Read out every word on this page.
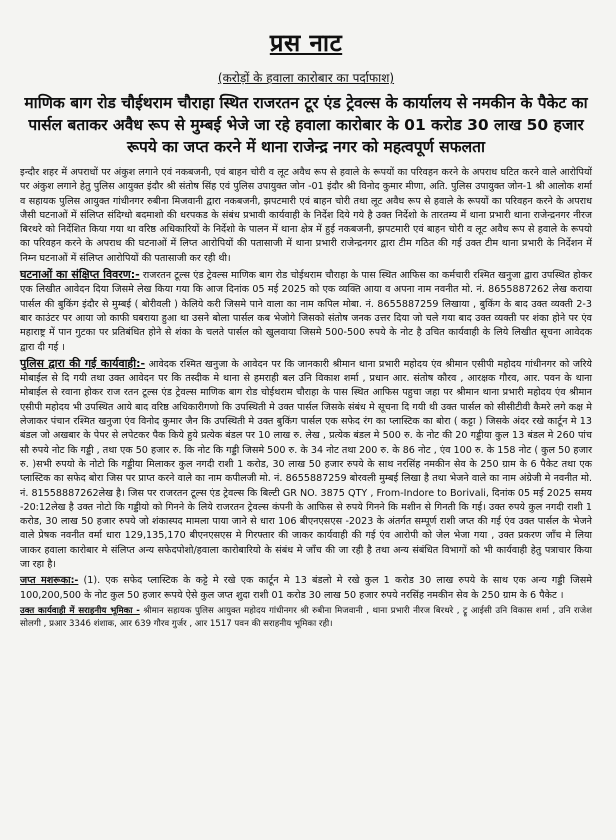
प्रस नाट
(करोड़ों के हवाला कारोबार का पर्दाफाश)
माणिक बाग रोड चौईथराम चौराहा स्थित राजरतन टूर एंड ट्रेवल्स के कार्यालय से नमकीन के पैकेट का पार्सल बताकर अवैध रूप से मुम्बई भेजे जा रहे हवाला कारोबार के 01 करोड 30 लाख 50 हजार रूपये का जप्त करने में थाना राजेन्द्र नगर को महत्वपूर्ण सफलता

इन्दौर शहर में अपराधों पर अंकुश लगाने एवं नकबजनी, एवं बाहन चोरी व लूट अवैध रूप से हवाले के रूपयों का परिवहन करने के अपराध घटित करने वाले आरोपियों पर अंकुश लगाने हेतु पुलिस आयुक्त इंदौर श्री संतोष सिंह एवं पुलिस उपायुक्त जोन -01 इंदौर श्री विनोद कुमार मीणा, अति. पुलिस उपायुक्त जोन-1 श्री आलोक शर्मा व सहायक पुलिस आयुक्त गांधीनगर रुबीना मिजवानी द्वारा नकबजनी, झपटमारी एवं बाहन चोरी तथा लूट अवैध रूप से हवाले के रूपयों का परिवहन करने के अपराध जैसी घटनाओं में संलिप्त संदिग्धो बदमाशो की धरपकड के संबंध प्रभावी कार्यवाही के निर्देश दिये गये है उक्त निर्देशो के तारतम्य में थाना प्रभारी थाना राजेन्द्रनगर नीरज बिरथरे को निर्देशित किया गया था वरिष्ठ अधिकारियों के निर्देशो के पालन में थाना क्षेत्र में हुई नकबजनी, झपटमारी एवं बाहन चोरी व लूट अवैध रूप से हवाले के रूपयो का परिवहन करने के अपराध की घटनाओं में लिप्त आरोपियों की पतासाजी में थाना प्रभारी राजेन्द्रनगर द्वारा टीम गठित की गई उक्त टीम थाना प्रभारी के निर्देशन में निम्न घटनाओं में संलिप्त आरोपियों की पतासाजी कर रही थी।

घटनाओं का संक्षिप्त विवरण:- राजरतन टूल्स एंड ट्रेवल्स माणिक बाग रोड चोईथराम चौराहा के पास स्थित आफिस का कर्मचारी रश्मित खनुजा द्वारा उपस्थित होकर एक लिखीत आवेदन दिया जिसमे लेख किया गया कि आज दिनांक 05 मई 2025 को एक व्यक्ति आया व अपना नाम नवनीत मो. नं. 8655887262 लेख कराया पार्सल की बुकिंग इंदौर से मुम्बई ( बोरीवली ) केलिये करी जिसमे पाने वाला का नाम कपिल मोबा. नं. 8655887259 लिखाया , बुकिंग के बाद उक्त व्यक्ती 2-3 बार काउंटर पर आया जो काफी घबराया हुआ था उसने बोला पार्सल कब भेजोगे जिसको संतोष जनक उत्तर दिया जो चले गया बाद उक्त व्यक्ती पर शंका होने पर एंव महाराष्ट्र में पान गुटका पर प्रतिबंधित होने से शंका के चलते पार्सल को खुलवाया जिसमे 500-500 रुपये के नोट है उचित कार्यवाही के लिये लिखीत सूचना आवेदक द्वारा दी गई ।

पुलिस द्वारा की गई कार्यवाही:- आवेदक रश्मित खनुजा के आवेदन पर कि जानकारी श्रीमान थाना प्रभारी महोदय एंव श्रीमान एसीपी महोदय गांधीनगर को जरिये मोबाईल से दि गयी तथा उक्त आवेदन पर कि तस्दीक मे थाना से हमराही बल उनि विकाश शर्मा , प्रधान आर. संतोष कौरव , आरक्षक गौरव, आर. पवन के थाना मोबाईल से रवाना होकर राज रतन टूल्स एंड ट्रेवल्स माणिक बाग रोड चोईथराम चौराहा के पास स्थित आफिस पहुचा जहा पर श्रीमान थाना प्रभारी महोदय एंव श्रीमान एसीपी महोदय भी उपस्थित आये बाद वरिष्ठ अधिकारीगणो कि उपस्थिती मे उक्त पार्सल जिसके संबंध मे सूचना दि गयी थी उक्त पार्सल को सीसीटीवी कैमरे लगे कक्ष मे लेजाकर पंचान रश्मित खनुजा एंव विनोद कुमार जैन कि उपस्थिती मे उक्त बुकिंग पार्सल एक सफेद रंग का प्लास्टिक का बोरा ( कट्टा ) जिसके अंदर रखे कार्टून मे 13 बंडल जो अखबार के पेपर से लपेटकर पैक किये हुये प्रत्येक बंडल पर 10 लाख रु. लेख , प्रत्येक बंडल मे 500 रु. के नोट की 20 गड्डीया कुल 13 बंडल मे 260 पांच सौ रुपये नोट कि गड्डी , तथा एक 50 हजार रु. कि नोट कि गड्डी जिसमे 500 रु. के 34 नोट तथा 200 रु. के 86 नोट , एंव 100 रु. के 158 नोट ( कुल 50 हजार रु. )सभी रुपयो के नोटो कि गड्डीया मिलाकर कुल नगदी राशी 1 करोड, 30 लाख 50 हजार रुपये के साथ नरसिंह नमकीन सेव के 250 ग्राम के 6 पैकेट तथा एक प्लास्टिक का सफेद बोरा जिस पर प्राप्त करने वाले का नाम कपीलजी मो. नं. 8655887259 बोरवली मुम्बई लिखा है तथा भेजने वाले का नाम अंग्रेजी मे नवनीत मो. नं. 81558887262लेख है। जिस पर राजरतन टूल्स एंड ट्रेवल्स कि बिल्टी GR NO. 3875 QTY , From-Indore to Borivali, दिनांक 05 मई 2025 समय -20:12लेख है उक्त नोटो कि गड्डीयो को गिनने के लिये राजरतन ट्रेवल्स कंपनी के आफिस से रुपये गिनने कि मशीन से गिनती कि गई। उक्त रुपये कुल नगदी राशी 1 करोड, 30 लाख 50 हजार रुपये जो शंकास्पद मामला पाया जाने से धारा 106 बीएनएसएस -2023 के अंतर्गत सम्पूर्ण राशी जप्त की गई एंव उक्त पार्सल के भेजने वाले प्रेषक नवनीत वर्मा धारा 129,135,170 बीएनएसएस मे गिरफ्तार की जाकर कार्यवाही की गई एंव आरोपी को जेल भेजा गया , उक्त प्रकरण जाँच मे लिया जाकर हवाला कारोबार मे संलिप्त अन्य सफेदपोशो/हवाला कारोबारियो के संबंध मे जाँच की जा रही है तथा अन्य संबंधित विभागों को भी कार्यवाही हेतु पत्राचार किया जा रहा है।

जप्त मशरूका:- (1). एक सफेद प्लास्टिक के कट्टे मे रखे एक कार्टून मे 13 बंडलो मे रखे कुल 1 करोड 30 लाख रुपये के साथ एक अन्य गड्डी जिसमे 100,200,500 के नोट कुल 50 हजार रूपये ऐसे कुल जप्त शुदा राशी 01 करोड 30 लाख 50 हजार रुपये नरसिंह नमकीन सेव के 250 ग्राम के 6 पैकेट ।

उक्त कार्यवाही में सराहनीय भूमिका - श्रीमान सहायक पुलिस आयुक्त महोदय गांधीनगर श्री रुबीना मिजवानी , थाना प्रभारी नीरज बिरथरे , ट्रू आईसी उनि विकास शर्मा , उनि राजेश सोलगी , प्रआर 3346 शंशाक, आर 639 गौरव गुर्जर , आर 1517 पवन की सराहनीय भूमिका रही।
